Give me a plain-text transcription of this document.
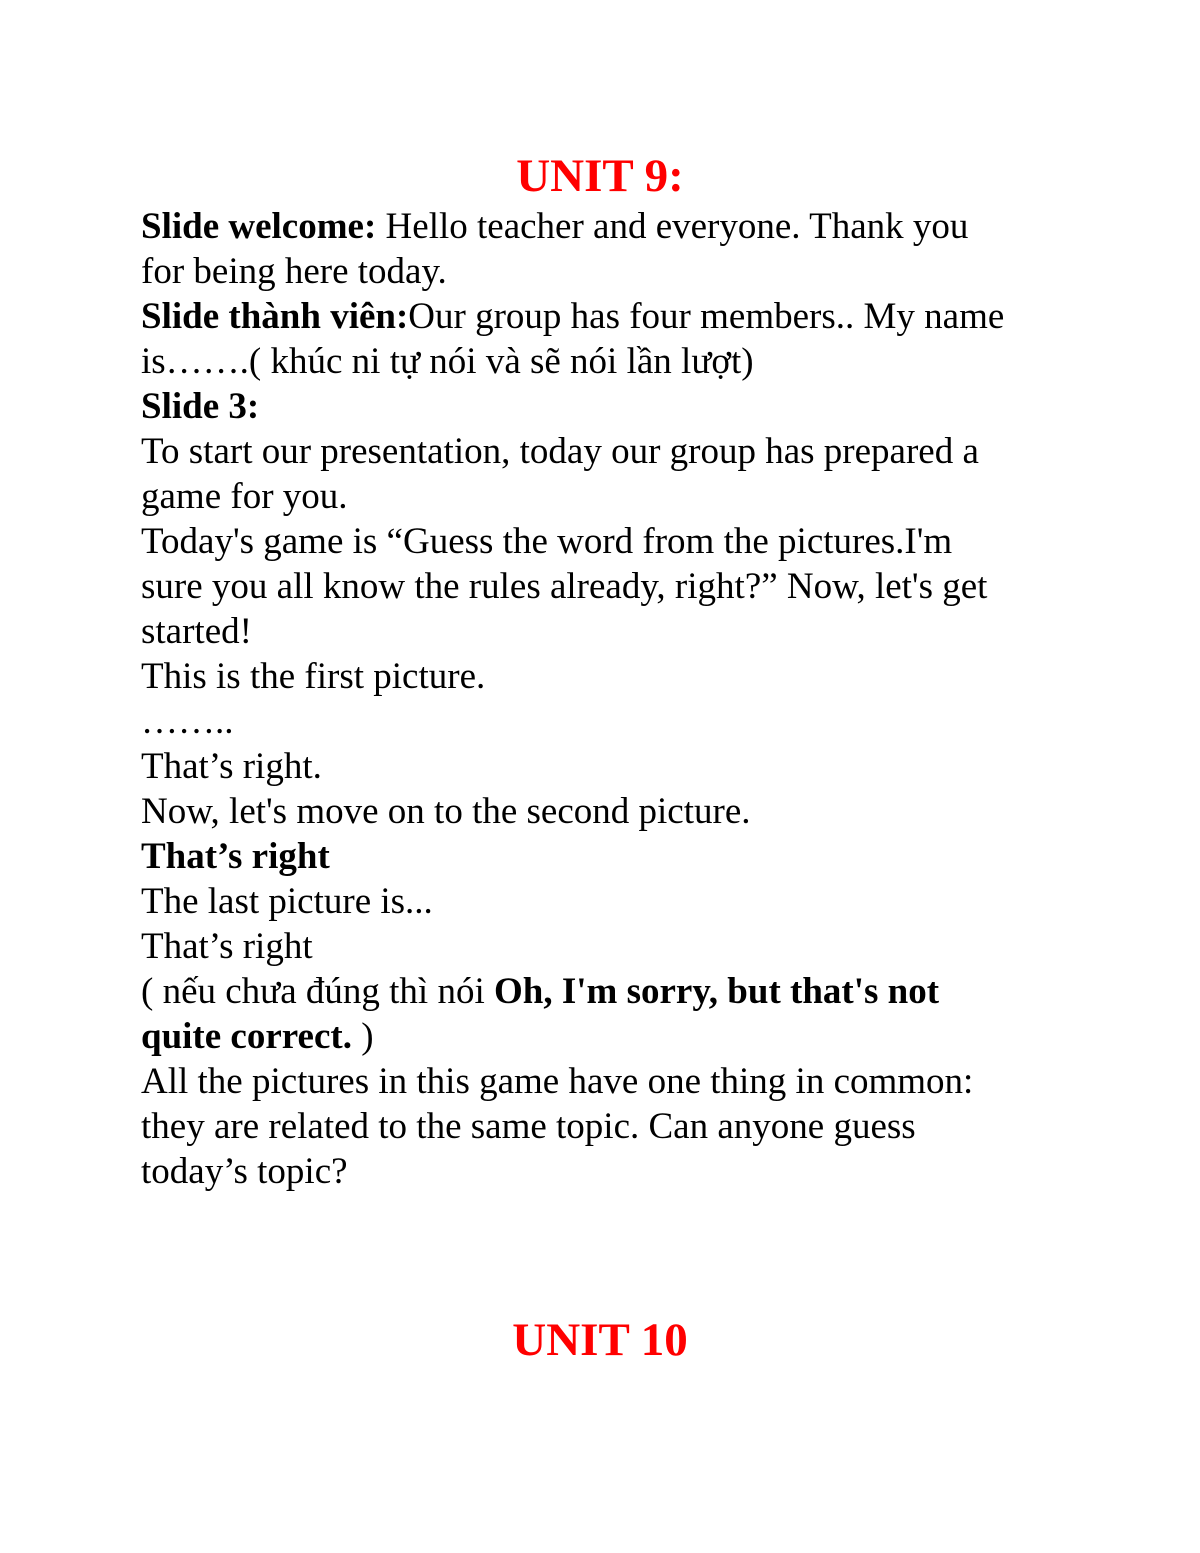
UNIT 9:

Slide welcome: Hello teacher and everyone. Thank you

for being here today.

Slide thành viên:Our group has four members.. My name

is…….( khúc ni tự nói và sẽ nói lần lượt)

Slide 3:

To start our presentation, today our group has prepared a

game for you.

Today's game is “Guess the word from the pictures.I'm

sure you all know the rules already, right?” Now, let's get

started!

This is the first picture.

……..

That’s right.

Now, let's move on to the second picture.

That’s right

The last picture is...

That’s right

( nếu chưa đúng thì nói Oh, I'm sorry, but that's not

quite correct. )

All the pictures in this game have one thing in common:

they are related to the same topic. Can anyone guess

today’s topic?

UNIT 10
